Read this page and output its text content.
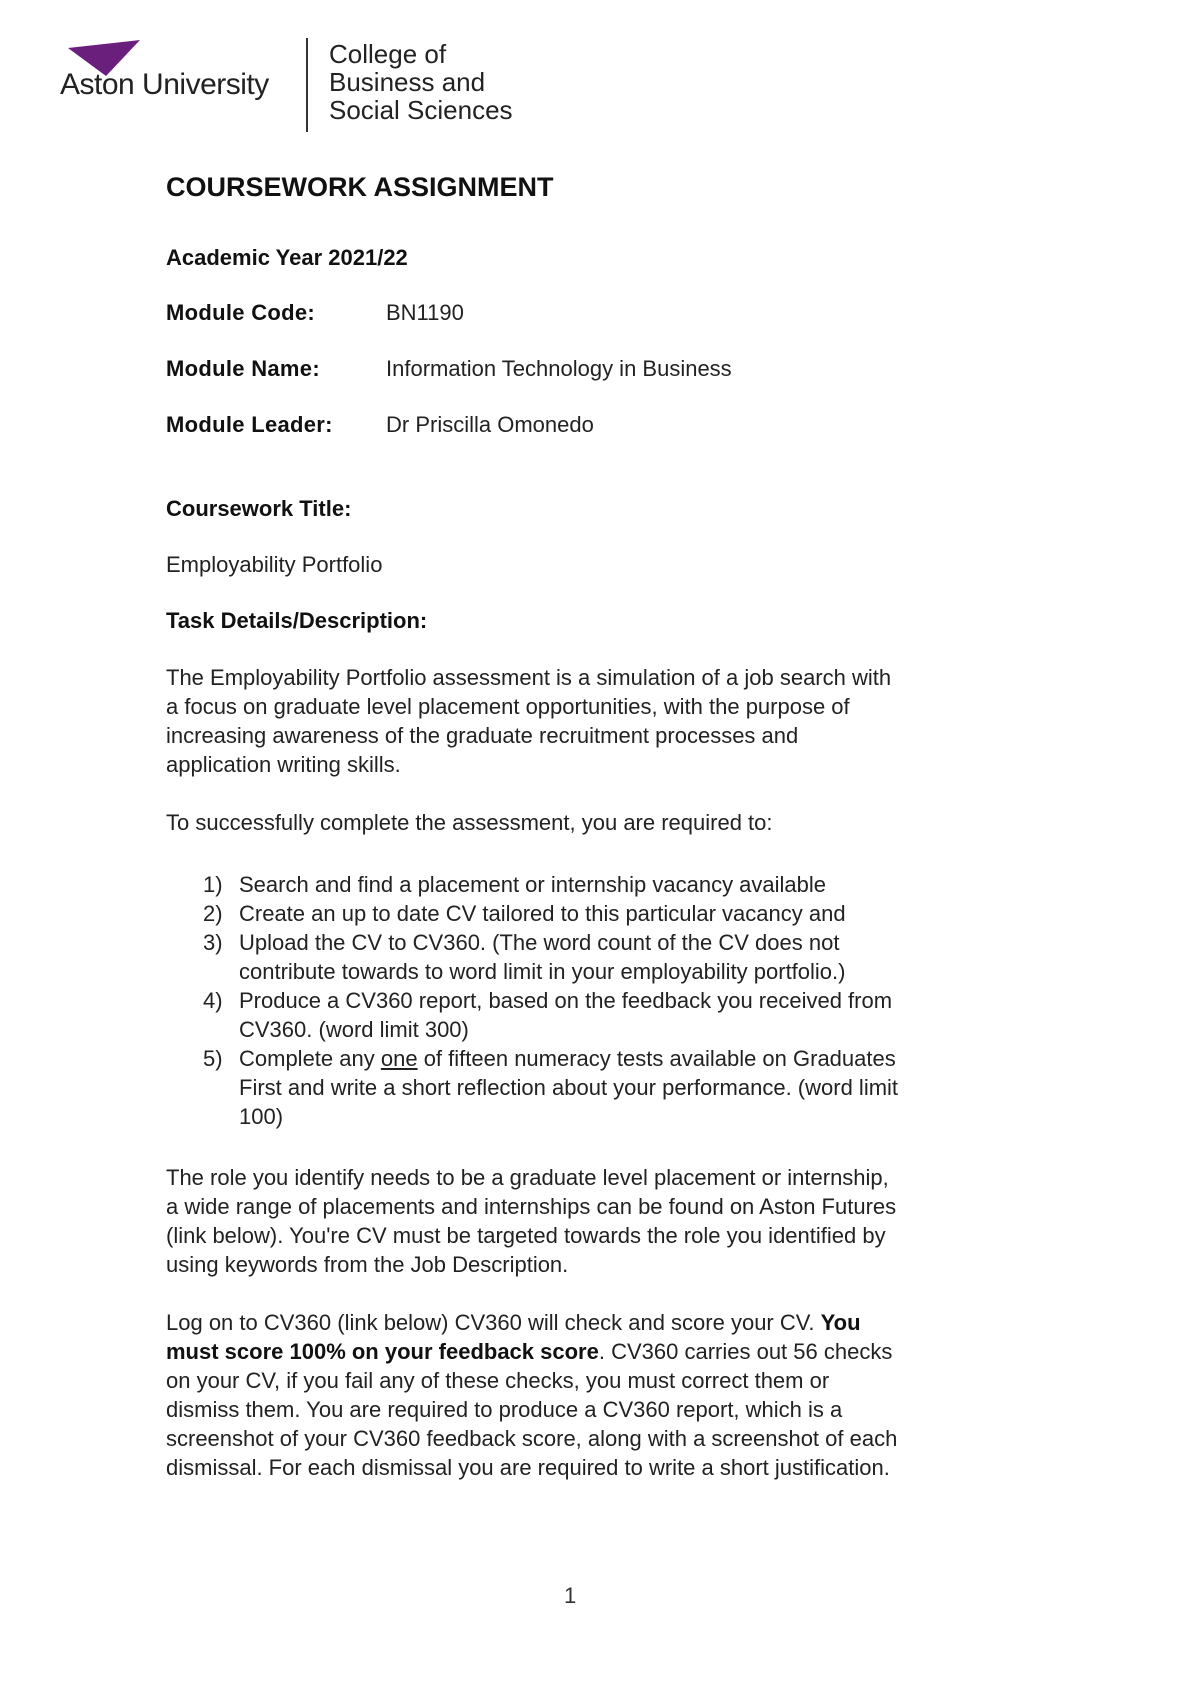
Aston University
College of
Business and
Social Sciences
COURSEWORK ASSIGNMENT
Academic Year 2021/22
Module Code:	BN1190
Module Name:	Information Technology in Business
Module Leader: Dr Priscilla Omonedo
Coursework Title:
Employability Portfolio
Task Details/Description:
The Employability Portfolio assessment is a simulation of a job search with
a focus on graduate level placement opportunities, with the purpose of
increasing awareness of the graduate recruitment processes and
application writing skills.
To successfully complete the assessment, you are required to:
1) Search and find a placement or internship vacancy available
2) Create an up to date CV tailored to this particular vacancy and
3) Upload the CV to CV360. (The word count of the CV does not
contribute towards to word limit in your employability portfolio.)
4) Produce a CV360 report, based on the feedback you received from
CV360. (word limit 300)
5) Complete any one of fifteen numeracy tests available on Graduates
First and write a short reflection about your performance. (word limit
100)
The role you identify needs to be a graduate level placement or internship,
a wide range of placements and internships can be found on Aston Futures
(link below). You're CV must be targeted towards the role you identified by
using keywords from the Job Description.
Log on to CV360 (link below) CV360 will check and score your CV. You
must score 100% on your feedback score. CV360 carries out 56 checks
on your CV, if you fail any of these checks, you must correct them or
dismiss them. You are required to produce a CV360 report, which is a
screenshot of your CV360 feedback score, along with a screenshot of each
dismissal. For each dismissal you are required to write a short justification.
1
